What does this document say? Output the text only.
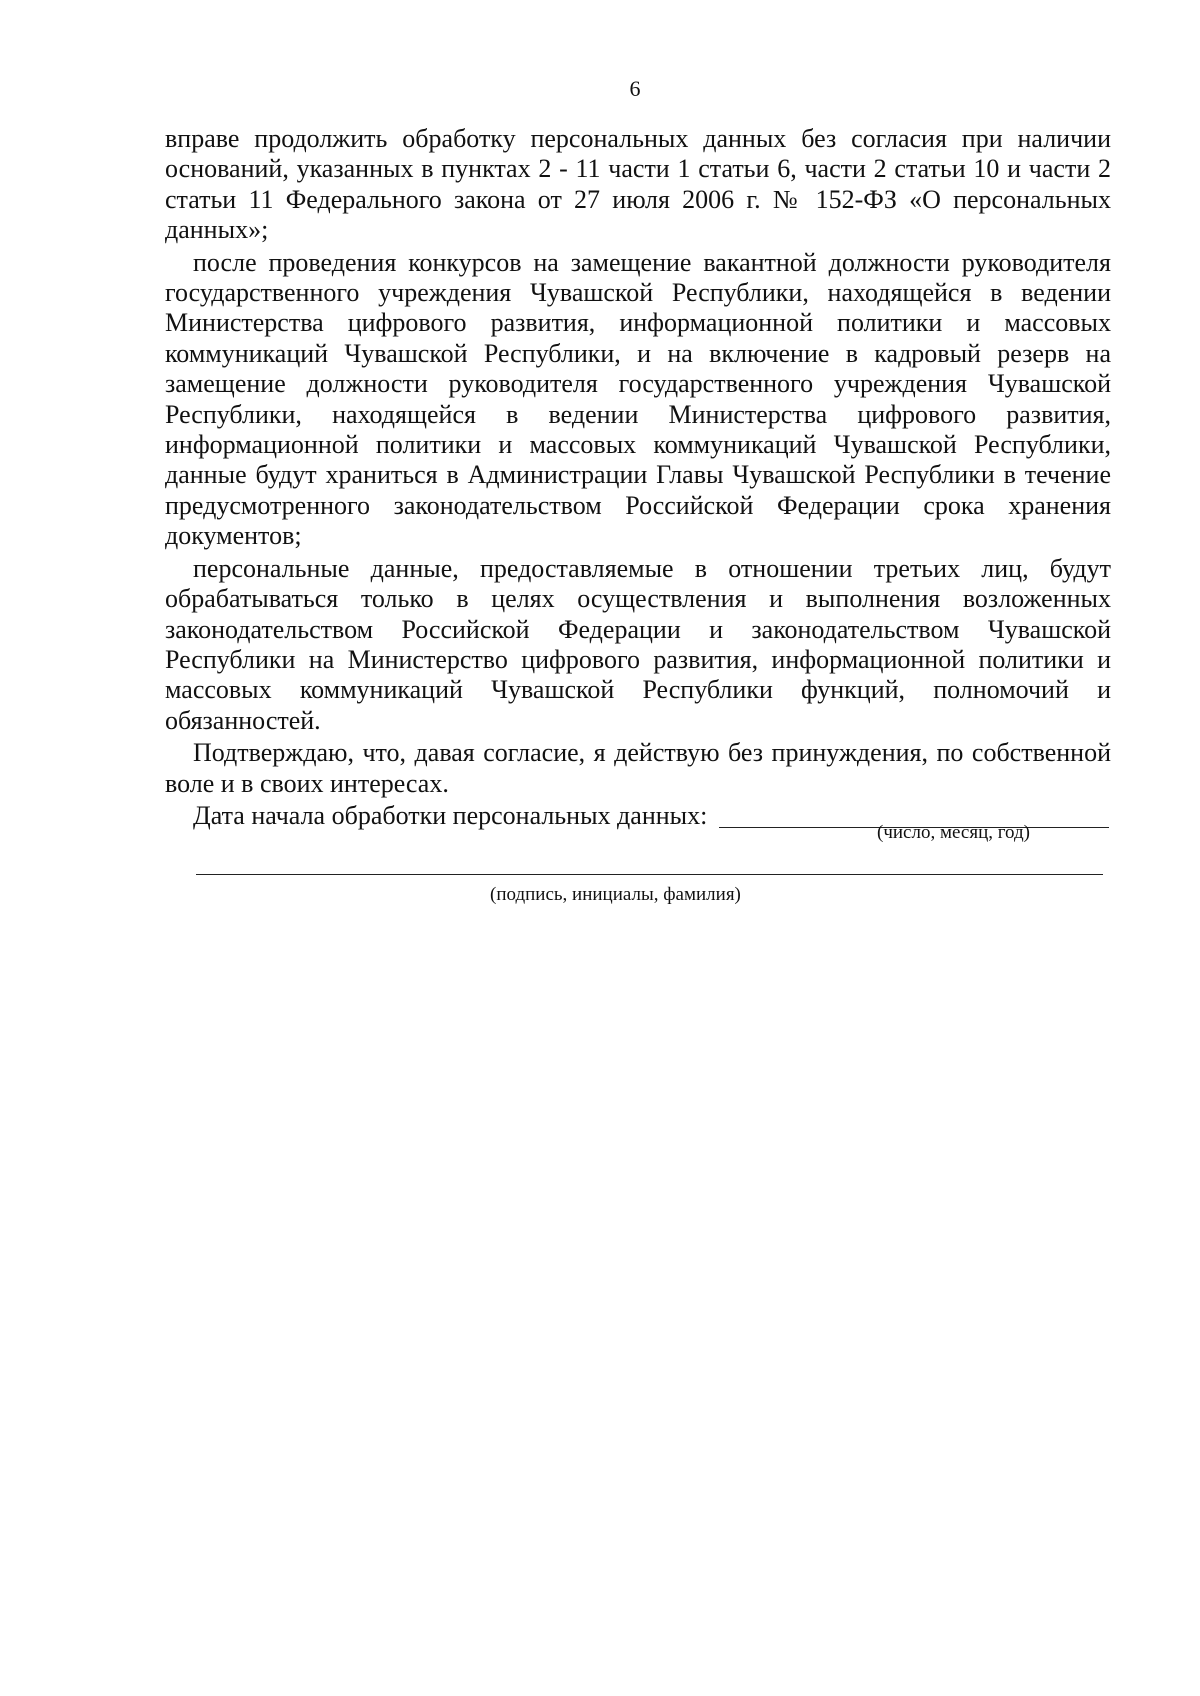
6

вправе продолжить обработку персональных данных без согласия при наличии оснований, указанных в пунктах 2 - 11 части 1 статьи 6, части 2 статьи 10 и части 2 статьи 11 Федерального закона от 27 июля 2006 г. № 152-ФЗ «О персональных данных»;

после проведения конкурсов на замещение вакантной должности руководителя государственного учреждения Чувашской Республики, находящейся в ведении Министерства цифрового развития, информационной политики и массовых коммуникаций Чувашской Республики, и на включение в кадровый резерв на замещение должности руководителя государственного учреждения Чувашской Республики, находящейся в ведении Министерства цифрового развития, информационной политики и массовых коммуникаций Чувашской Республики, данные будут храниться в Администрации Главы Чувашской Республики в течение предусмотренного законодательством Российской Федерации срока хранения документов;

персональные данные, предоставляемые в отношении третьих лиц, будут обрабатываться только в целях осуществления и выполнения возложенных законодательством Российской Федерации и законодательством Чувашской Республики на Министерство цифрового развития, информационной политики и массовых коммуникаций Чувашской Республики функций, полномочий и обязанностей.

Подтверждаю, что, давая согласие, я действую без принуждения, по собственной воле и в своих интересах.

Дата начала обработки персональных данных:
(число, месяц, год)
(подпись, инициалы, фамилия)
